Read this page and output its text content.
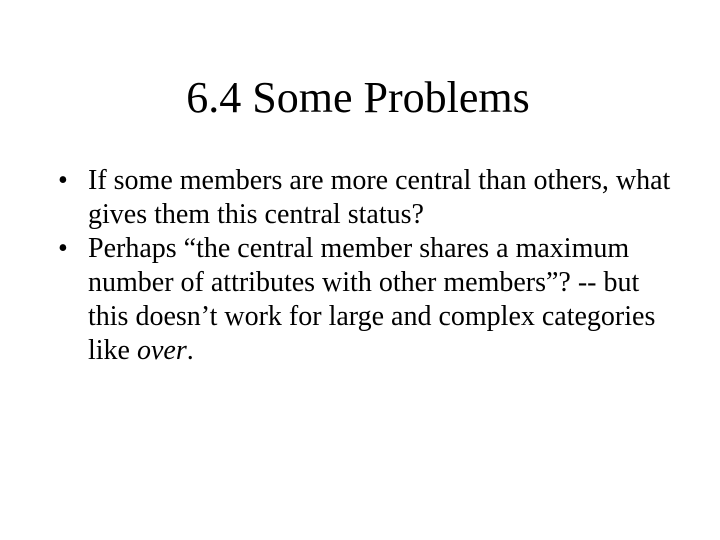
6.4 Some Problems
• If some members are more central than others, what gives them this central status?
• Perhaps “the central member shares a maximum number of attributes with other members”? -- but this doesn’t work for large and complex categories like over.
